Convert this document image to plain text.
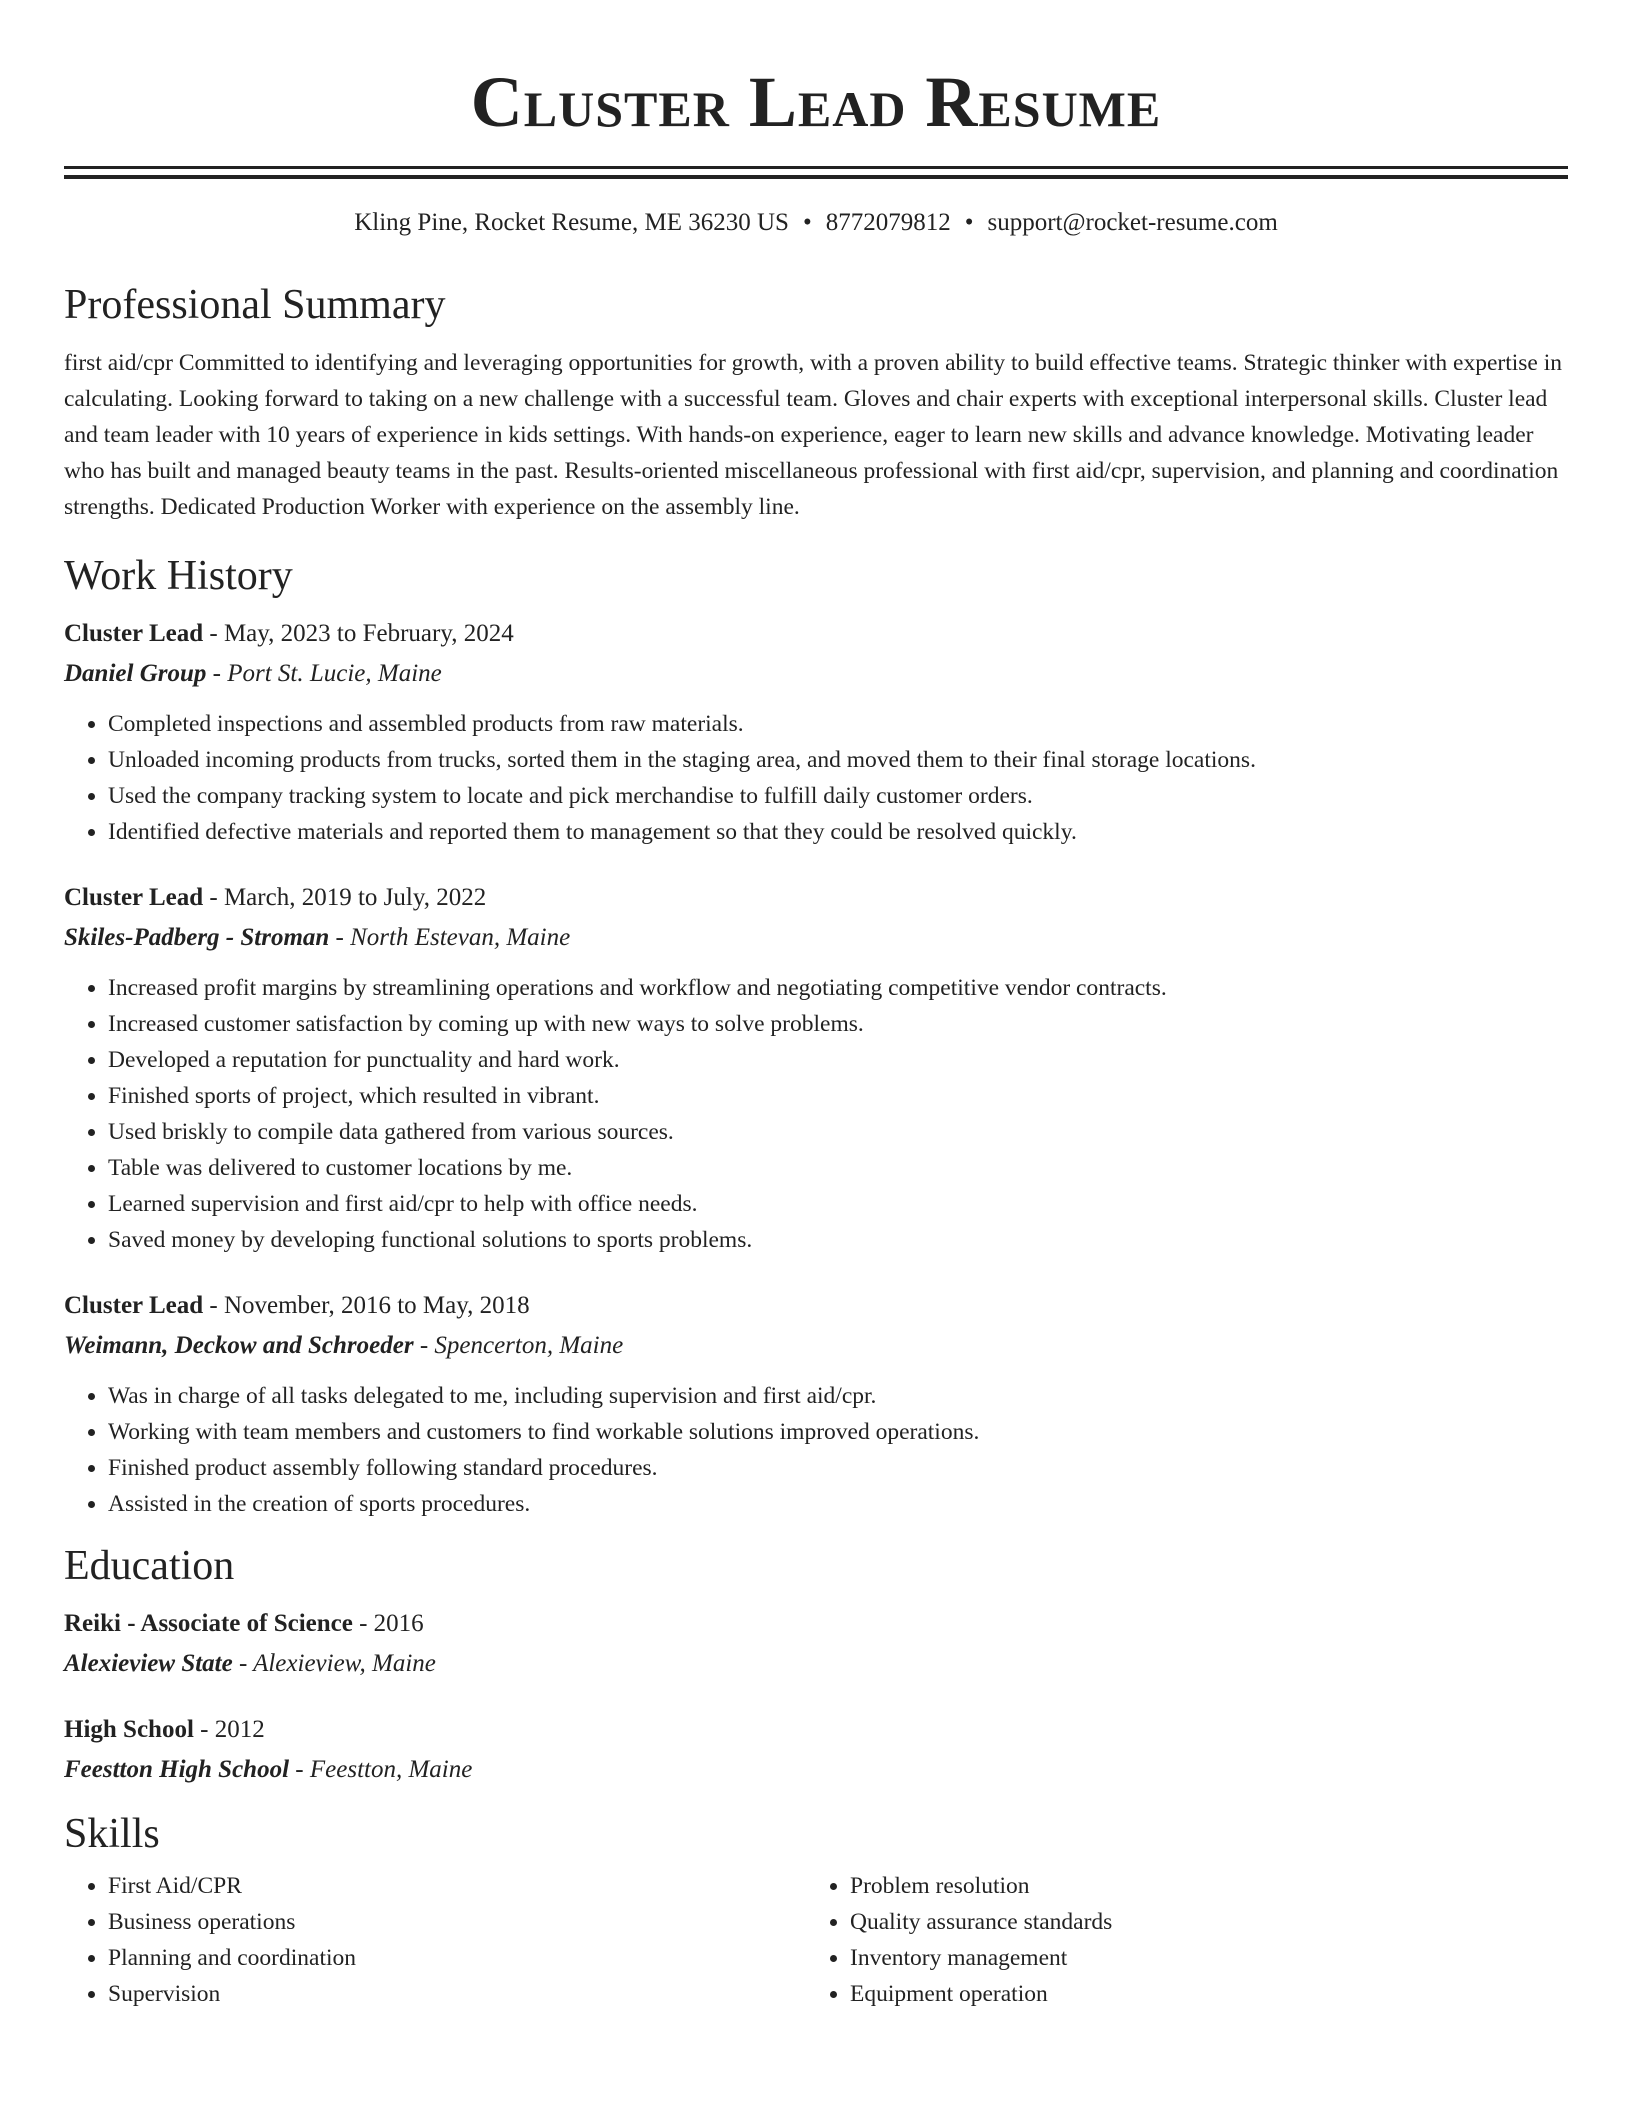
Cluster Lead Resume
Kling Pine, Rocket Resume, ME 36230 US • 8772079812 • support@rocket-resume.com
Professional Summary

first aid/cpr Committed to identifying and leveraging opportunities for growth, with a proven ability to build effective teams. Strategic thinker with expertise in calculating. Looking forward to taking on a new challenge with a successful team. Gloves and chair experts with exceptional interpersonal skills. Cluster lead and team leader with 10 years of experience in kids settings. With hands-on experience, eager to learn new skills and advance knowledge. Motivating leader who has built and managed beauty teams in the past. Results-oriented miscellaneous professional with first aid/cpr, supervision, and planning and coordination strengths. Dedicated Production Worker with experience on the assembly line.

Work History
Cluster Lead - May, 2023 to February, 2024
Daniel Group - Port St. Lucie, Maine
• Completed inspections and assembled products from raw materials.
• Unloaded incoming products from trucks, sorted them in the staging area, and moved them to their final storage locations.
• Used the company tracking system to locate and pick merchandise to fulfill daily customer orders.
• Identified defective materials and reported them to management so that they could be resolved quickly.
Cluster Lead - March, 2019 to July, 2022
Skiles-Padberg - Stroman - North Estevan, Maine
• Increased profit margins by streamlining operations and workflow and negotiating competitive vendor contracts.
• Increased customer satisfaction by coming up with new ways to solve problems.
• Developed a reputation for punctuality and hard work.
• Finished sports of project, which resulted in vibrant.
• Used briskly to compile data gathered from various sources.
• Table was delivered to customer locations by me.
• Learned supervision and first aid/cpr to help with office needs.
• Saved money by developing functional solutions to sports problems.
Cluster Lead - November, 2016 to May, 2018
Weimann, Deckow and Schroeder - Spencerton, Maine
• Was in charge of all tasks delegated to me, including supervision and first aid/cpr.
• Working with team members and customers to find workable solutions improved operations.
• Finished product assembly following standard procedures.
• Assisted in the creation of sports procedures.
Education
Reiki - Associate of Science - 2016
Alexieview State - Alexieview, Maine
High School - 2012
Feestton High School - Feestton, Maine
Skills
• First Aid/CPR
• Business operations
• Planning and coordination
• Supervision
• Problem resolution
• Quality assurance standards
• Inventory management
• Equipment operation
